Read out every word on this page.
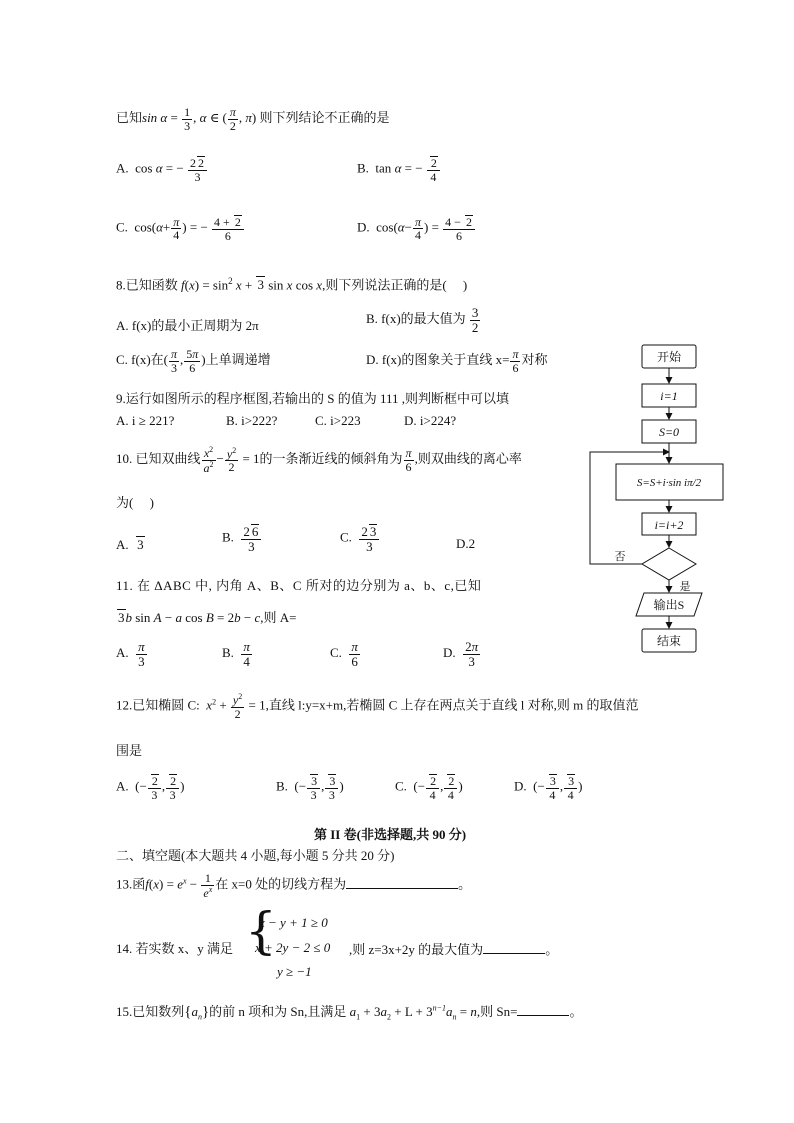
已知$\sin \alpha = \frac{1}{3}$ , α ∈ ( $\frac{\pi}{2}$ , π) 则下列结论不正确的是
A.  cos α = − $\frac{2 2}{3}$	B.  tan α = − $\frac{2}{4}$
C.  $\cos(\alpha+ \frac{\pi}{4}$ ) = − $\frac{4 + 2}{6}$	D.  $\cos(\alpha- \frac{\pi}{4}$ ) = $\frac{4 - 2}{6}$
8.已知函数 $f(x) = \sin^2 x + 3$ sin x cos x,则下列说法正确的是(　 )
A. f(x)的最小正周期为 2π	B. f(x)的最大值为 $\frac{3}{2}$
C. f(x)在( $\frac{\pi}{3}$ , $\frac{5\pi}{6}$ )上单调递增	D. f(x)的图象关于直线 $x= \frac{\pi}{6}$ 对称
9.运行如图所示的程序框图,若输出的 S 的值为 111 ,则判断框中可以填
A. i ≥ 221?	B. i>222?	C. i>223	D. i>224?
10. 已知双曲线 $\frac{x^2}{a^2} - \frac{y^2}{2} = 1$的一条渐近线的倾斜角为 $\frac{\pi}{6}$ ,则双曲线的离心率
为(　 )
A. 3	B. $\frac{2 6}{3}$	C. $\frac{2 3}{3}$	D.2
11. 在 ΔABC 中, 内角 A、B、C 所对的边分别为 a、b、c,已知
3b sin A − a cos B = 2b − c,则 A=
A. $\frac{\pi}{3}$	B. $\frac{\pi}{4}$	C. $\frac{\pi}{6}$	D. $\frac{2\pi}{3}$
12.已知椭圆 C: $x^2 + \frac{y^2}{2} = 1$,直线 l:y=x+m,若椭圆 C 上存在两点关于直线 l 对称,则 m 的取值范
围是
A.  (− $\frac{2}{3}$ , $\frac{2}{3}$ )	B.  (− $\frac{3}{3}$ , $\frac{3}{3}$ )	C.  (− $\frac{2}{4}$ , $\frac{2}{4}$ )	D.  (− $\frac{3}{4}$ , $\frac{3}{4}$ )
第 II 卷(非选择题,共 90 分)
二、填空题(本大题共 4 小题,每小题 5 分共 20 分)
13.函$f(x) = e^x - \frac{1}{e^x}$ 在 x=0 处的切线方程为	。
14. 若实数 x、y 满足 {
x − y + 1 ≥ 0
x + 2y − 2 ≤ 0
y ≥ −1
,则 z=3x+2y 的最大值为	。
15.已知数列$\{a_n\}$的前 n 项和为 Sn,且满足 $a_1 + 3a_2 + L + 3^{n-1}a_n = n$,则 Sn=	。
开始
i=1
S=0
S=S+i·sin iπ/2
i=i+2
否
是
输出S
结束
